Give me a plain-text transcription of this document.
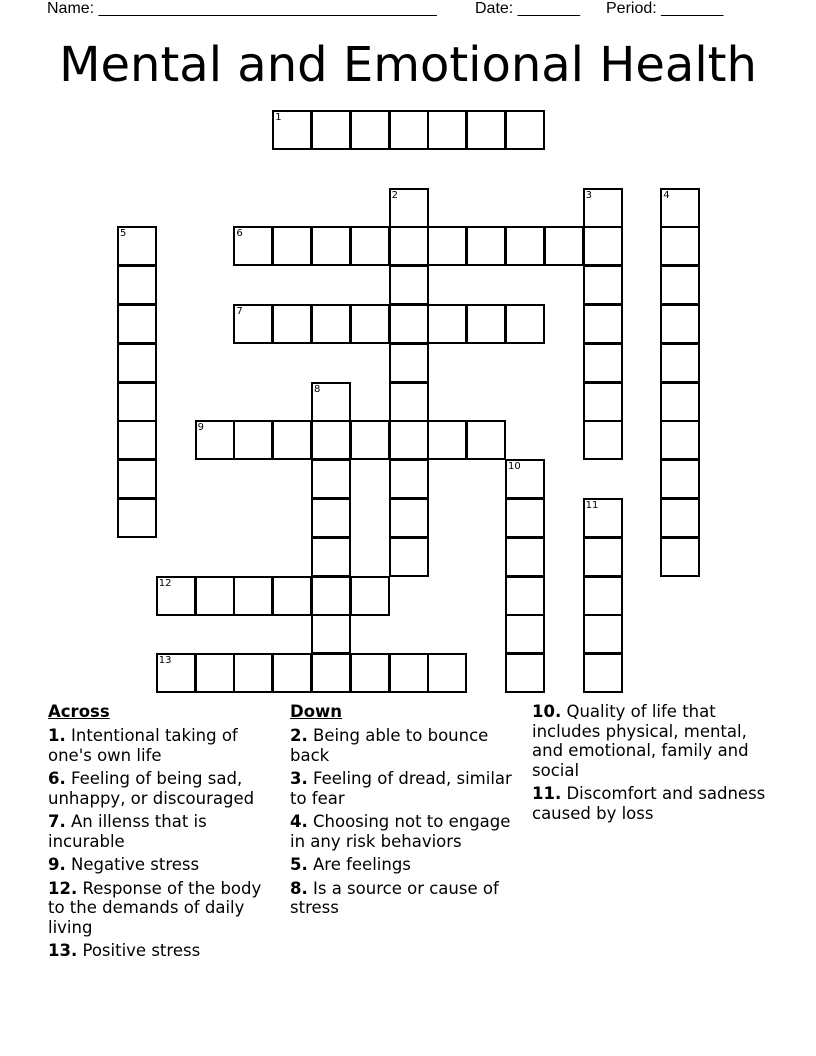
Name: ______________________________________ Date: _______ Period: _______
Mental and Emotional Health
1
2	3	4
5	6
7
8
9
10
11
12
13
Across
1. Intentional taking of one's own life
6. Feeling of being sad, unhappy, or discouraged
7. An illenss that is incurable
9. Negative stress
12. Response of the body to the demands of daily living
13. Positive stress
Down
2. Being able to bounce back
3. Feeling of dread, similar to fear
4. Choosing not to engage in any risk behaviors
5. Are feelings
8. Is a source or cause of stress
10. Quality of life that includes physical, mental, and emotional, family and social
11. Discomfort and sadness caused by loss
